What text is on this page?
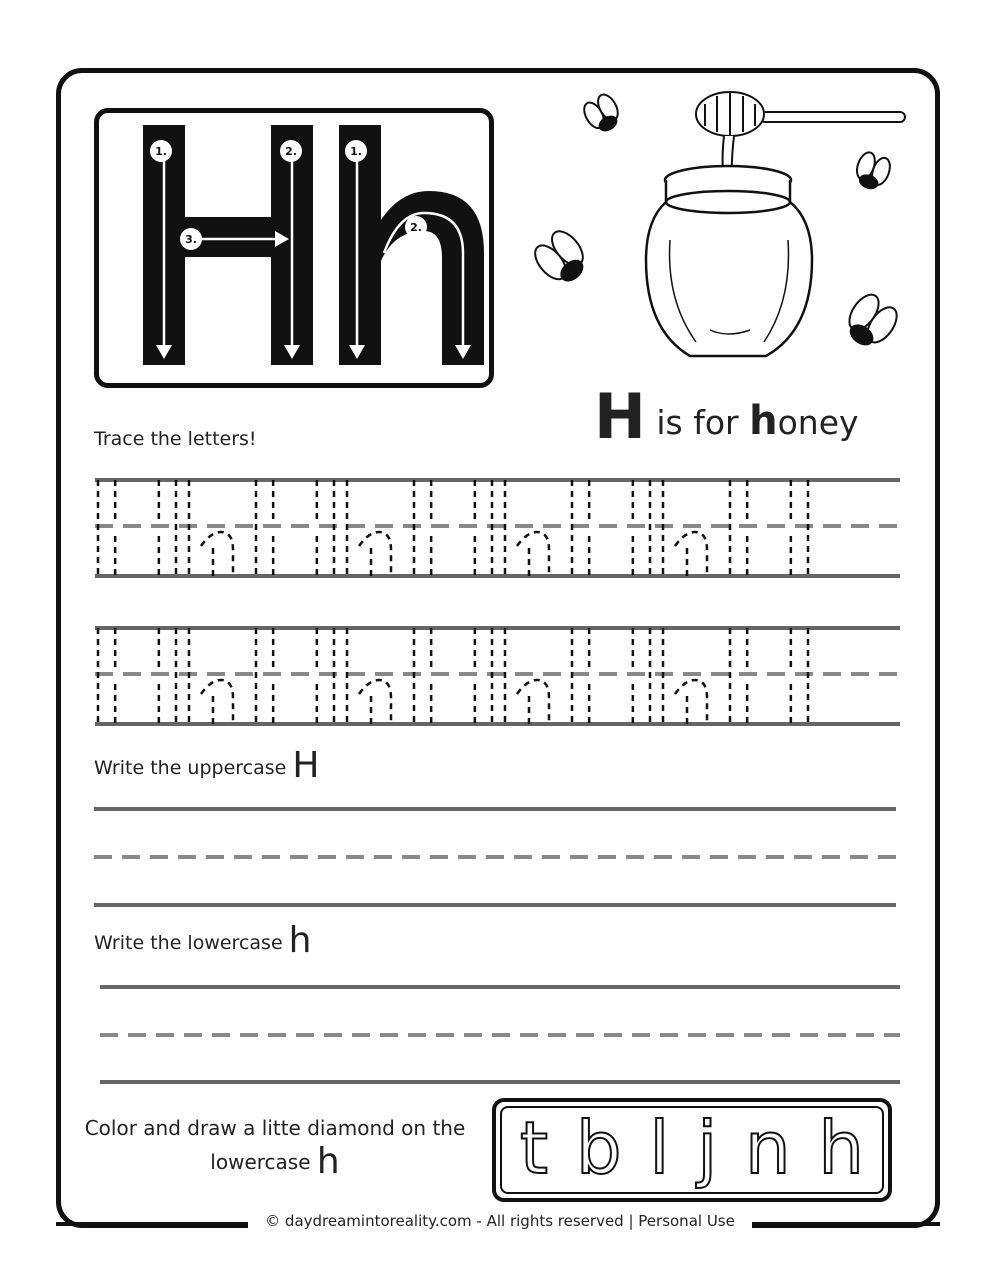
1.	2.	1.
3.
2.
H is for honey
Trace the letters!
Write the uppercase H
Write the lowercase h
Color and draw a litte diamond on the
lowercase h	t b l j n h
© daydreamintoreality.com - All rights reserved | Personal Use
